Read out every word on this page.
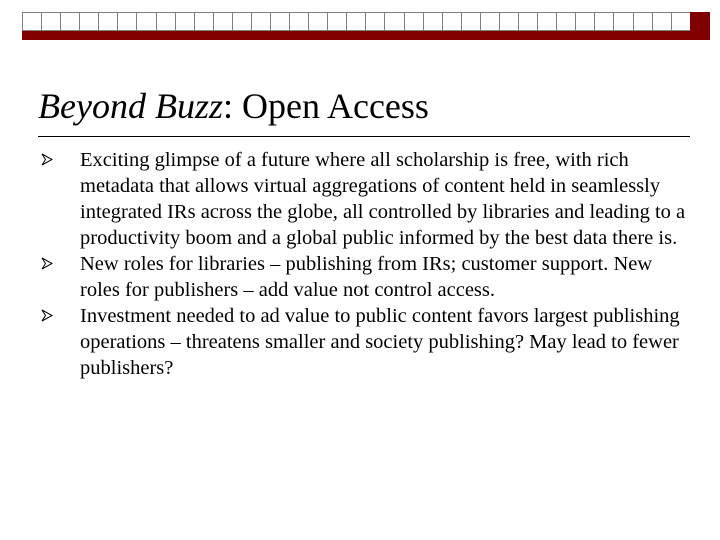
Beyond Buzz: Open Access
Exciting glimpse of a future where all scholarship is free, with rich metadata that allows virtual aggregations of content held in seamlessly integrated IRs across the globe, all controlled by libraries and leading to a productivity boom and a global public informed by the best data there is.
New roles for libraries – publishing from IRs; customer support. New roles for publishers – add value not control access.
Investment needed to ad value to public content favors largest publishing operations – threatens smaller and society publishing? May lead to fewer publishers?
